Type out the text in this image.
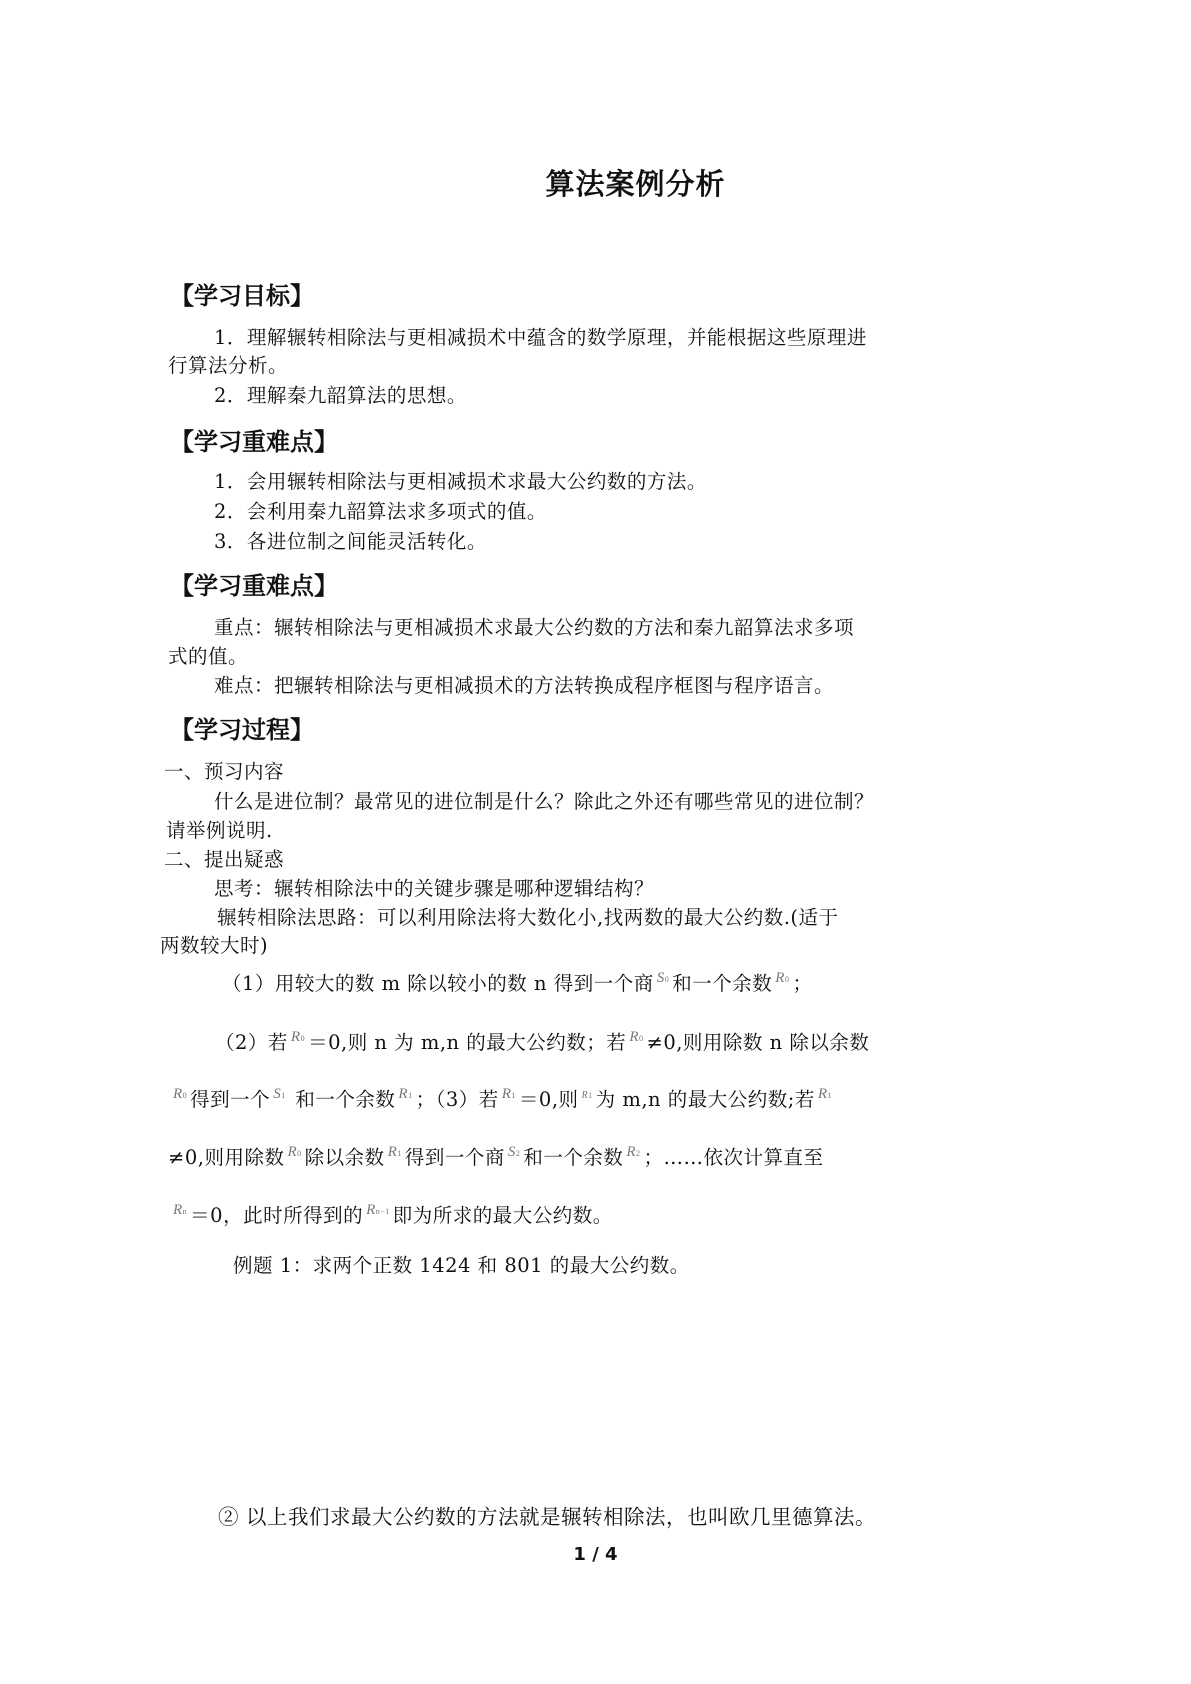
算法案例分析
【学习目标】
1．理解辗转相除法与更相减损术中蕴含的数学原理，并能根据这些原理进
行算法分析。
2．理解秦九韶算法的思想。
【学习重难点】
1．会用辗转相除法与更相减损术求最大公约数的方法。
2．会利用秦九韶算法求多项式的值。
3．各进位制之间能灵活转化。
【学习重难点】
重点：辗转相除法与更相减损术求最大公约数的方法和秦九韶算法求多项
式的值。
难点：把辗转相除法与更相减损术的方法转换成程序框图与程序语言。
【学习过程】
一、预习内容
什么是进位制？最常见的进位制是什么？除此之外还有哪些常见的进位制？
请举例说明.
二、提出疑惑
思考：辗转相除法中的关键步骤是哪种逻辑结构？
辗转相除法思路：可以利用除法将大数化小,找两数的最大公约数.(适于
两数较大时)
（1）用较大的数 m 除以较小的数 n 得到一个商 $^{S0}$ 和一个余数 $^{R0}$ ；
（2）若 $^{R0}$ ＝0,则 n 为 m,n 的最大公约数；若 $^{R0}$ ≠0,则用除数 n 除以余数
$^{R0}$ 得到一个 $^{S1}$ 和一个余数 $^{R1}$ ；（3）若 $^{R1}$ ＝0,则 $^{R1}$ 为 m,n 的最大公约数;若 $^{R1}$
≠0,则用除数 $^{R0}$ 除以余数 $^{R1}$ 得到一个商 $^{S2}$ 和一个余数 $^{R2}$ ；……依次计算直至
$^{Rn}$ ＝0，此时所得到的 $^{Rn-1}$ 即为所求的最大公约数。
例题 1：求两个正数 1424 和 801 的最大公约数。
② 以上我们求最大公约数的方法就是辗转相除法，也叫欧几里德算法。
1 / 4
